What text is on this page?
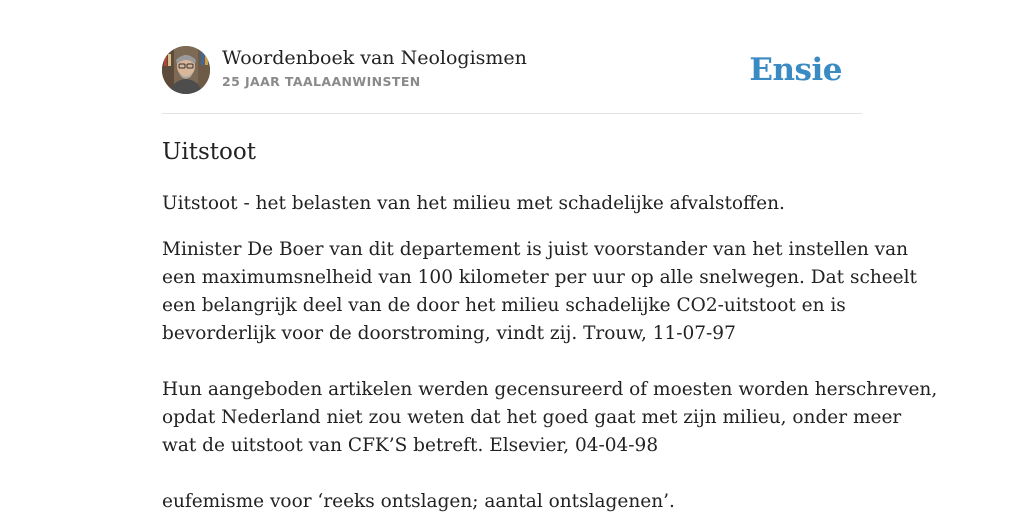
Woordenboek van Neologismen
25 JAAR TAALAANWINSTEN	Ensie
Uitstoot

Uitstoot - het belasten van het milieu met schadelijke afvalstoffen.

Minister De Boer van dit departement is juist voorstander van het instellen van
een maximumsnelheid van 100 kilometer per uur op alle snelwegen. Dat scheelt
een belangrijk deel van de door het milieu schadelijke CO2-uitstoot en is
bevorderlijk voor de doorstroming, vindt zij. Trouw, 11-07-97

Hun aangeboden artikelen werden gecensureerd of moesten worden herschreven,
opdat Nederland niet zou weten dat het goed gaat met zijn milieu, onder meer
wat de uitstoot van CFK’S betreft. Elsevier, 04-04-98

eufemisme voor ‘reeks ontslagen; aantal ontslagenen’.
